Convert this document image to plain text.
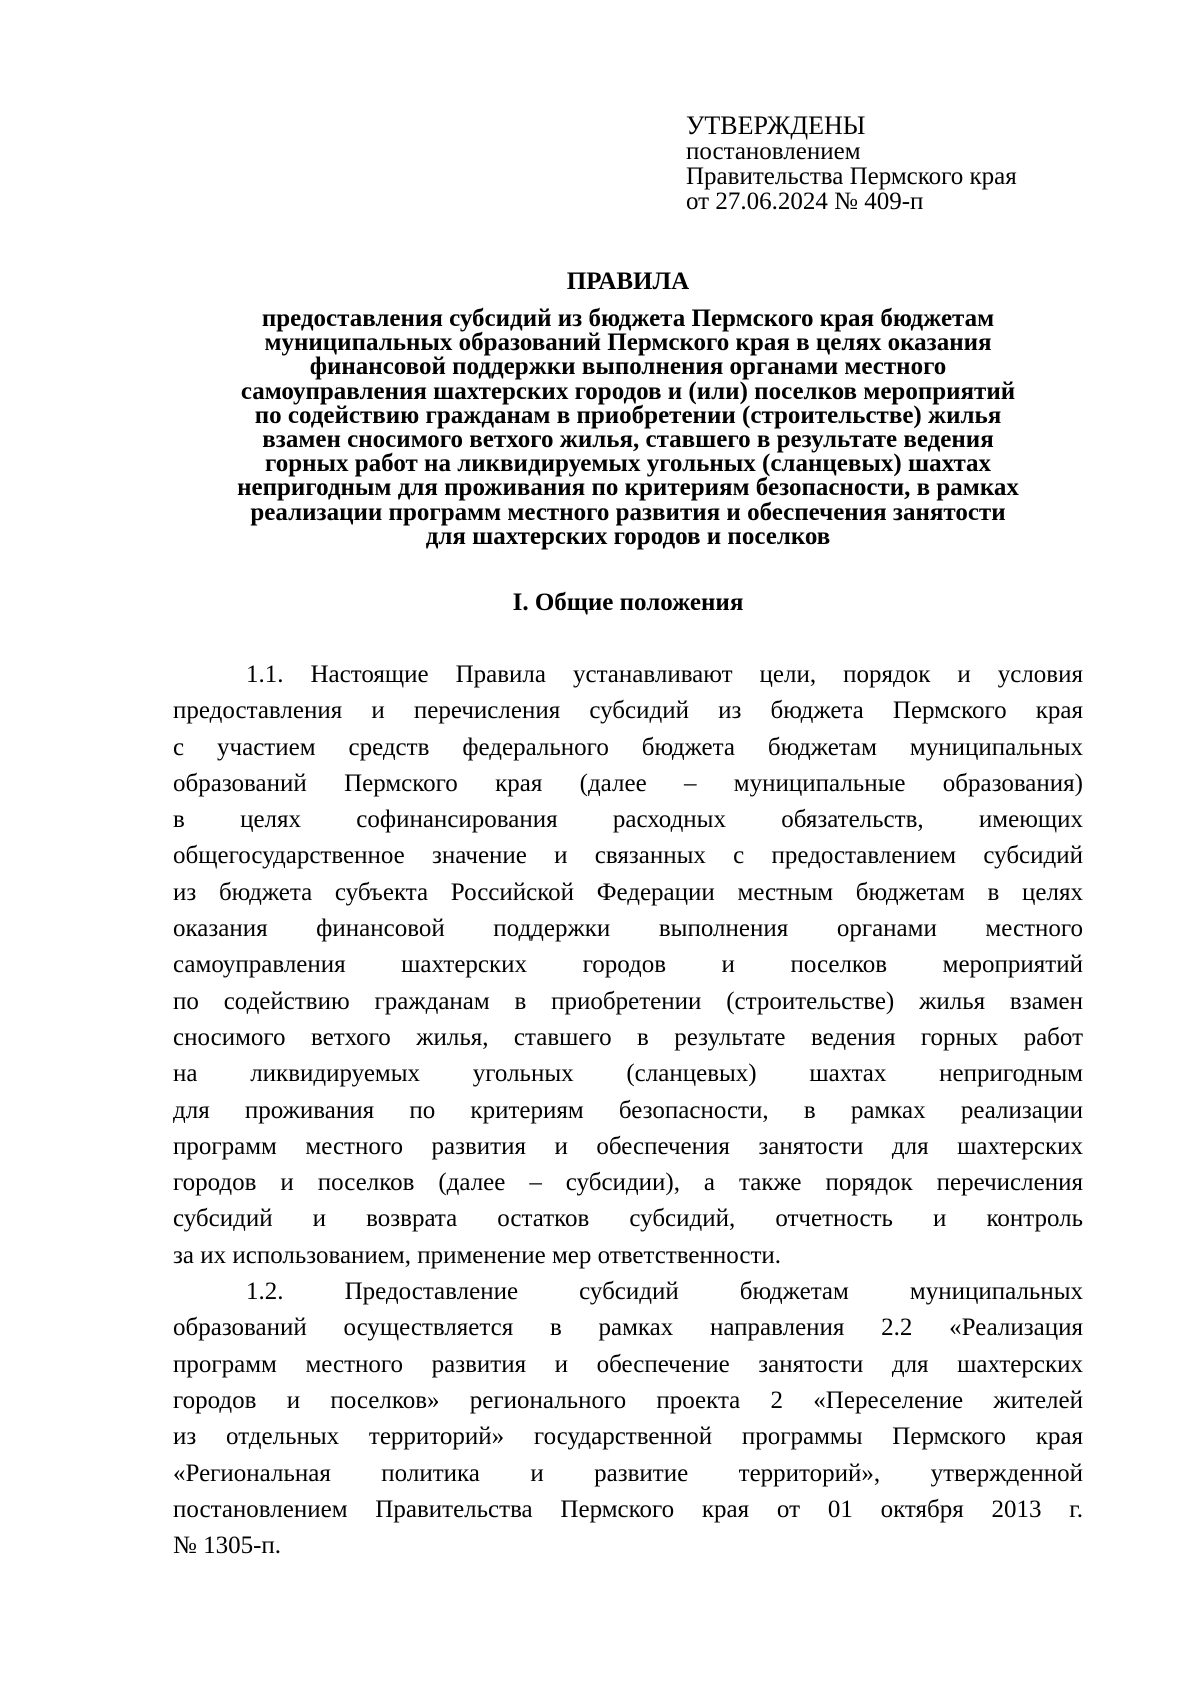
УТВЕРЖДЕНЫ
постановлением
Правительства Пермского края
от 27.06.2024 № 409-п
ПРАВИЛА
предоставления субсидий из бюджета Пермского края бюджетам
муниципальных образований Пермского края в целях оказания
финансовой поддержки выполнения органами местного
самоуправления шахтерских городов и (или) поселков мероприятий
по содействию гражданам в приобретении (строительстве) жилья
взамен сносимого ветхого жилья, ставшего в результате ведения
горных работ на ликвидируемых угольных (сланцевых) шахтах
непригодным для проживания по критериям безопасности, в рамках
реализации программ местного развития и обеспечения занятости
для шахтерских городов и поселков
I. Общие положения
1.1. Настоящие Правила устанавливают цели, порядок и условия
предоставления и перечисления субсидий из бюджета Пермского края
с участием средств федерального бюджета бюджетам муниципальных
образований Пермского края (далее – муниципальные образования)
в целях софинансирования расходных обязательств, имеющих
общегосударственное значение и связанных с предоставлением субсидий
из бюджета субъекта Российской Федерации местным бюджетам в целях
оказания финансовой поддержки выполнения органами местного
самоуправления шахтерских городов и поселков мероприятий
по содействию гражданам в приобретении (строительстве) жилья взамен
сносимого ветхого жилья, ставшего в результате ведения горных работ
на ликвидируемых угольных (сланцевых) шахтах непригодным
для проживания по критериям безопасности, в рамках реализации
программ местного развития и обеспечения занятости для шахтерских
городов и поселков (далее – субсидии), а также порядок перечисления
субсидий и возврата остатков субсидий, отчетность и контроль
за их использованием, применение мер ответственности.
1.2. Предоставление субсидий бюджетам муниципальных
образований осуществляется в рамках направления 2.2 «Реализация
программ местного развития и обеспечение занятости для шахтерских
городов и поселков» регионального проекта 2 «Переселение жителей
из отдельных территорий» государственной программы Пермского края
«Региональная политика и развитие территорий», утвержденной
постановлением Правительства Пермского края от 01 октября 2013 г.
№ 1305-п.
